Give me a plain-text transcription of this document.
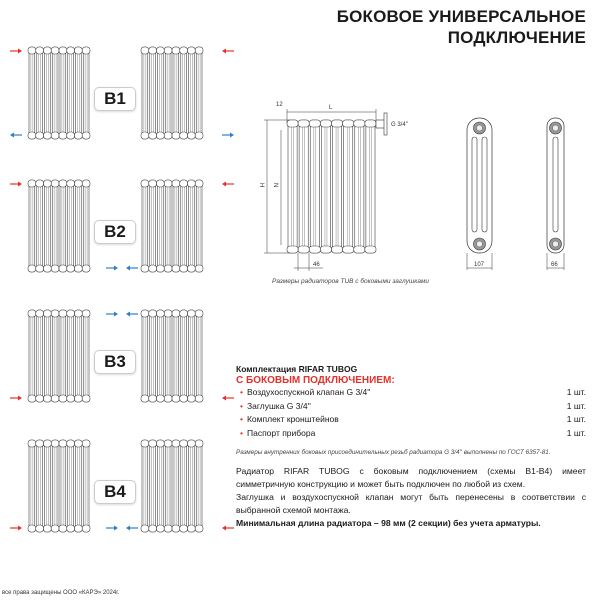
БОКОВОЕ УНИВЕРСАЛЬНОЕ
ПОДКЛЮЧЕНИЕ
B1
B2
B3
B4
L
12
H N
46
G 3/4''
107	66
Размеры радиаторов TUB с боковыми заглушками
Комплектация RIFAR TUBOG
С БОКОВЫМ ПОДКЛЮЧЕНИЕМ:
• Воздухоспускной клапан G 3/4''	1 шт.
• Заглушка G 3/4''	1 шт.
• Комплект кронштейнов	1 шт.
• Паспорт прибора	1 шт.
Размеры внутренних боковых присоединительных резьб радиатора G 3/4'' выполнены по ГОСТ 6357-81.

Радиатор RIFAR TUBOG с боковым подключением (схемы В1-В4) имеет симметричную конструкцию и может быть подключен по любой из схем.

Заглушка и воздухоспускной клапан могут быть перенесены в соответствии с выбранной схемой монтажа.

Минимальная длина радиатора – 98 мм (2 секции) без учета арматуры.

все права защищены ООО «КАРЭ» 2024г.
